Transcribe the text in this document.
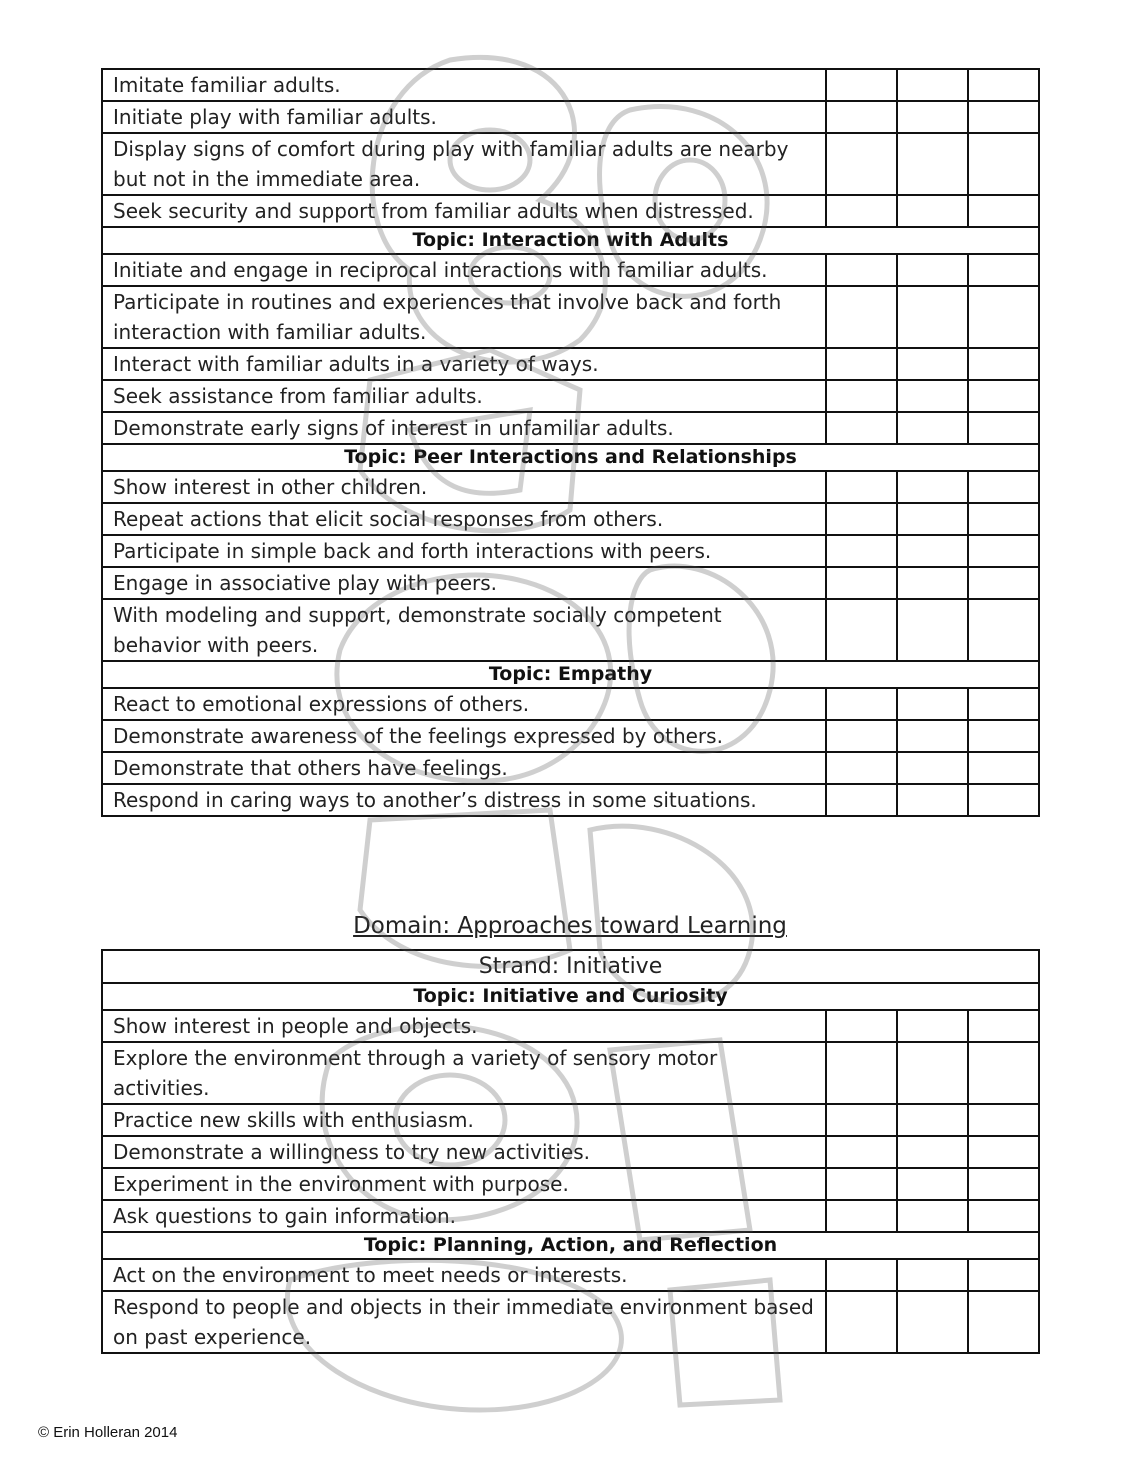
Imitate familiar adults.			
Initiate play with familiar adults.			
Display signs of comfort during play with familiar adults are nearby but not in the immediate area.			
Seek security and support from familiar adults when distressed.			
Topic: Interaction with Adults			
Initiate and engage in reciprocal interactions with familiar adults.			
Participate in routines and experiences that involve back and forth interaction with familiar adults.			
Interact with familiar adults in a variety of ways.			
Seek assistance from familiar adults.			
Demonstrate early signs of interest in unfamiliar adults.			
Topic: Peer Interactions and Relationships			
Show interest in other children.			
Repeat actions that elicit social responses from others.			
Participate in simple back and forth interactions with peers.			
Engage in associative play with peers.			
With modeling and support, demonstrate socially competent behavior with peers.			
Topic: Empathy			
React to emotional expressions of others.			
Demonstrate awareness of the feelings expressed by others.			
Demonstrate that others have feelings.			
Respond in caring ways to another’s distress in some situations.			
Domain: Approaches toward Learning
Strand: Initiative			
Topic: Initiative and Curiosity			
Show interest in people and objects.			
Explore the environment through a variety of sensory motor activities.			
Practice new skills with enthusiasm.			
Demonstrate a willingness to try new activities.			
Experiment in the environment with purpose.			
Ask questions to gain information.			
Topic: Planning, Action, and Reflection			
Act on the environment to meet needs or interests.			
Respond to people and objects in their immediate environment based on past experience.			
© Erin Holleran 2014
